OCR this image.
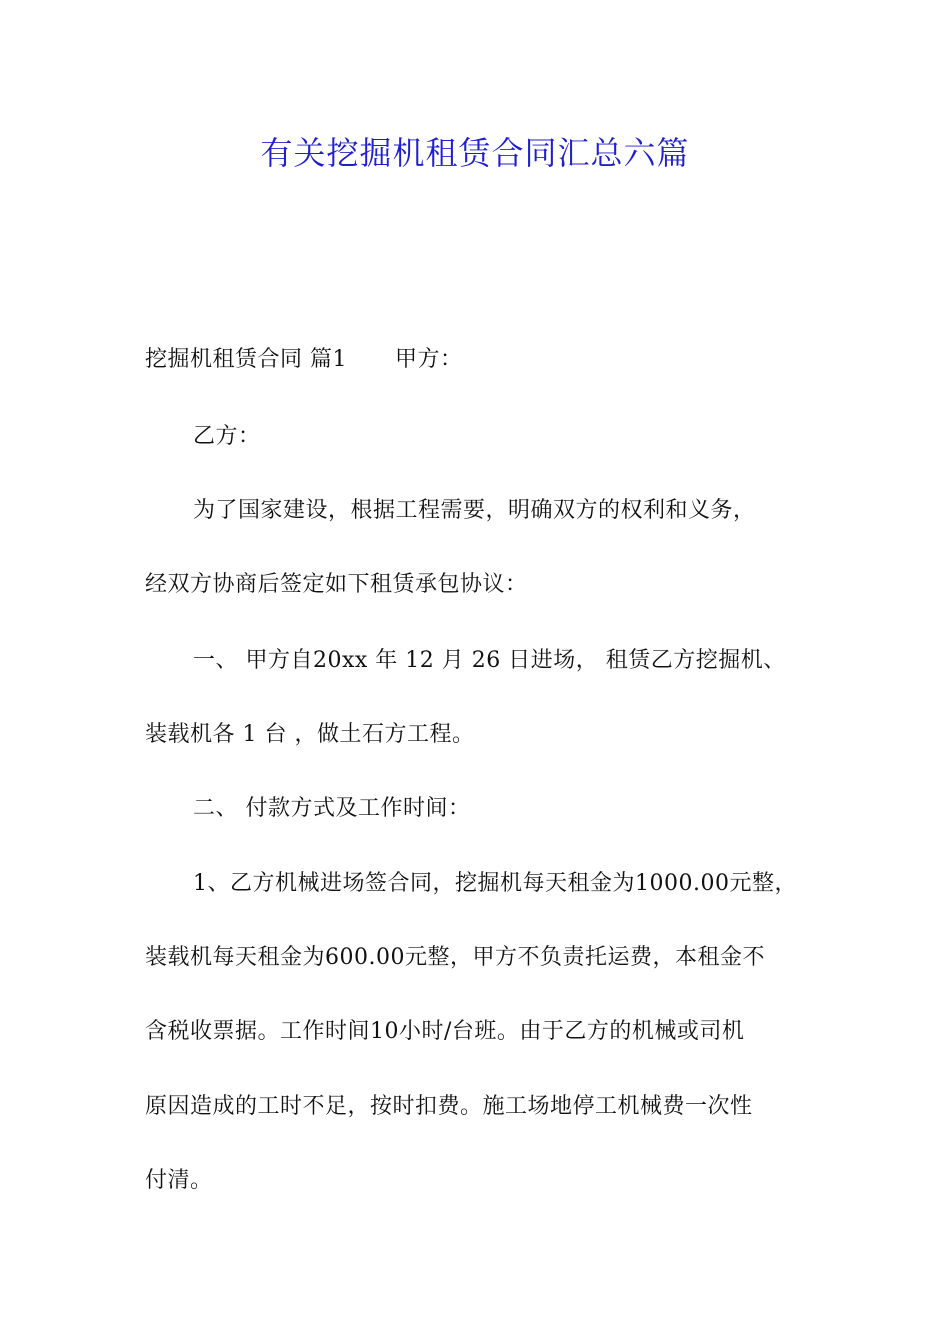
有关挖掘机租赁合同汇总六篇
挖掘机租赁合同 篇1 甲方：
乙方：
为了国家建设，根据工程需要，明确双方的权利和义务，
经双方协商后签定如下租赁承包协议：
一、 甲方自20xx 年 12 月 26 日进场， 租赁乙方挖掘机、
装载机各 1 台 ，做土石方工程。
二、 付款方式及工作时间：
1、乙方机械进场签合同，挖掘机每天租金为1000.00元整，
装载机每天租金为600.00元整，甲方不负责托运费，本租金不
含税收票据。工作时间10小时/台班。由于乙方的机械或司机
原因造成的工时不足，按时扣费。施工场地停工机械费一次性
付清。
